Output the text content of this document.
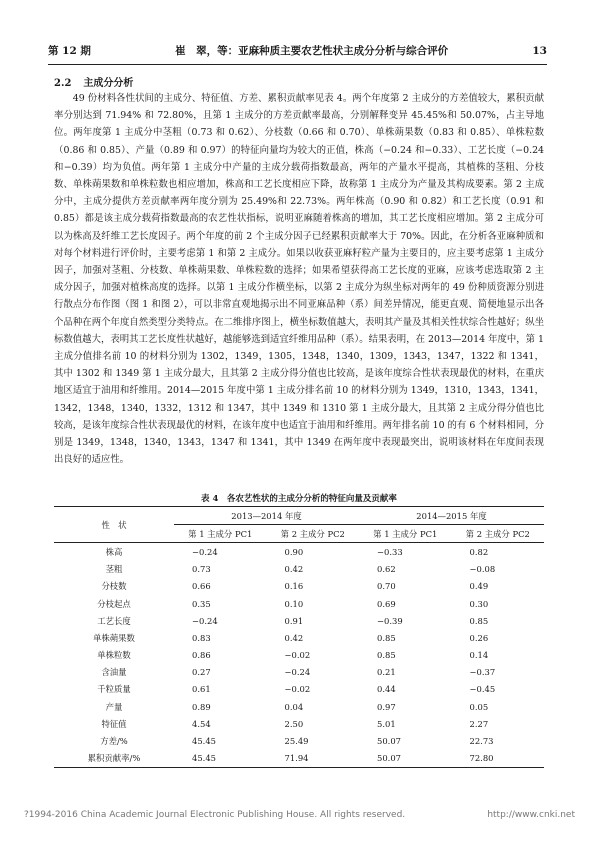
第 12 期	崔　翠，等：亚麻种质主要农艺性状主成分分析与综合评价	13
2.2 主成分分析

49 份材料各性状间的主成分、特征值、方差、累积贡献率见表 4。两个年度第 2 主成分的方差值较大，累积贡献率分别达到 71.94% 和 72.80%，且第 1 主成分的方差贡献率最高，分别解释变异 45.45%和 50.07%，占主导地位。两年度第 1 主成分中茎粗（0.73 和 0.62）、分枝数（0.66 和 0.70）、单株蒴果数（0.83 和 0.85）、单株粒数（0.86 和 0.85）、产量（0.89 和 0.97）的特征向量均为较大的正值，株高（−0.24 和−0.33）、工艺长度（−0.24 和−0.39）均为负值。两年第 1 主成分中产量的主成分载荷指数最高，两年的产量水平提高，其植株的茎粗、分枝数、单株蒴果数和单株粒数也相应增加，株高和工艺长度相应下降，故称第 1 主成分为产量及其构成要素。第 2 主成分中，主成分提供方差贡献率两年度分别为 25.49%和 22.73%。两年株高（0.90 和 0.82）和工艺长度（0.91 和 0.85）都是该主成分载荷指数最高的农艺性状指标，说明亚麻随着株高的增加，其工艺长度相应增加。第 2 主成分可以为株高及纤维工艺长度因子。两个年度的前 2 个主成分因子已经累积贡献率大于 70%。因此，在分析各亚麻种质和对每个材料进行评价时，主要考虑第 1 和第 2 主成分。如果以收获亚麻籽粒产量为主要目的，应主要考虑第 1 主成分因子，加强对茎粗、分枝数、单株蒴果数、单株粒数的选择；如果希望获得高工艺长度的亚麻，应该考虑选取第 2 主成分因子，加强对植株高度的选择。以第 1 主成分作横坐标，以第 2 主成分为纵坐标对两年的 49 份种质资源分别进行散点分布作图（图 1 和图 2），可以非常直观地揭示出不同亚麻品种（系）间差异情况，能更直观、简便地显示出各个品种在两个年度自然类型分类特点。在二维排序图上，横坐标数值越大，表明其产量及其相关性状综合性越好；纵坐标数值越大，表明其工艺长度性状越好，越能够选到适宜纤维用品种（系）。结果表明，在 2013—2014 年度中，第 1 主成分值排名前 10 的材料分别为 1302，1349，1305，1348，1340，1309，1343，1347，1322 和 1341，其中 1302 和 1349 第 1 主成分最大，且其第 2 主成分得分值也比较高，是该年度综合性状表现最优的材料，在重庆地区适宜于油用和纤维用。2014—2015 年度中第 1 主成分排名前 10 的材料分别为 1349，1310，1343，1341，1342，1348，1340，1332，1312 和 1347，其中 1349 和 1310 第 1 主成分最大，且其第 2 主成分得分值也比较高，是该年度综合性状表现最优的材料，在该年度中也适宜于油用和纤维用。两年排名前 10 的有 6 个材料相同，分别是 1349，1348，1340，1343，1347 和 1341，其中 1349 在两年度中表现最突出，说明该材料在年度间表现出良好的适应性。

表 4　各农艺性状的主成分分析的特征向量及贡献率
性　状	2013—2014 年度		2014—2015 年度	
	第 1 主成分 PC1	第 2 主成分 PC2	第 1 主成分 PC1	第 2 主成分 PC2
株高	−0.24	0.90	−0.33	0.82
茎粗	0.73	0.42	0.62	−0.08
分枝数	0.66	0.16	0.70	0.49
分枝起点	0.35	0.10	0.69	0.30
工艺长度	−0.24	0.91	−0.39	0.85
单株蒴果数	0.83	0.42	0.85	0.26
单株粒数	0.86	−0.02	0.85	0.14
含油量	0.27	−0.24	0.21	−0.37
千粒质量	0.61	−0.02	0.44	−0.45
产量	0.89	0.04	0.97	0.05
特征值	4.54	2.50	5.01	2.27
方差/%	45.45	25.49	50.07	22.73
累积贡献率/%	45.45	71.94	50.07	72.80
?1994-2016 China Academic Journal Electronic Publishing House. All rights reserved.	http://www.cnki.net
